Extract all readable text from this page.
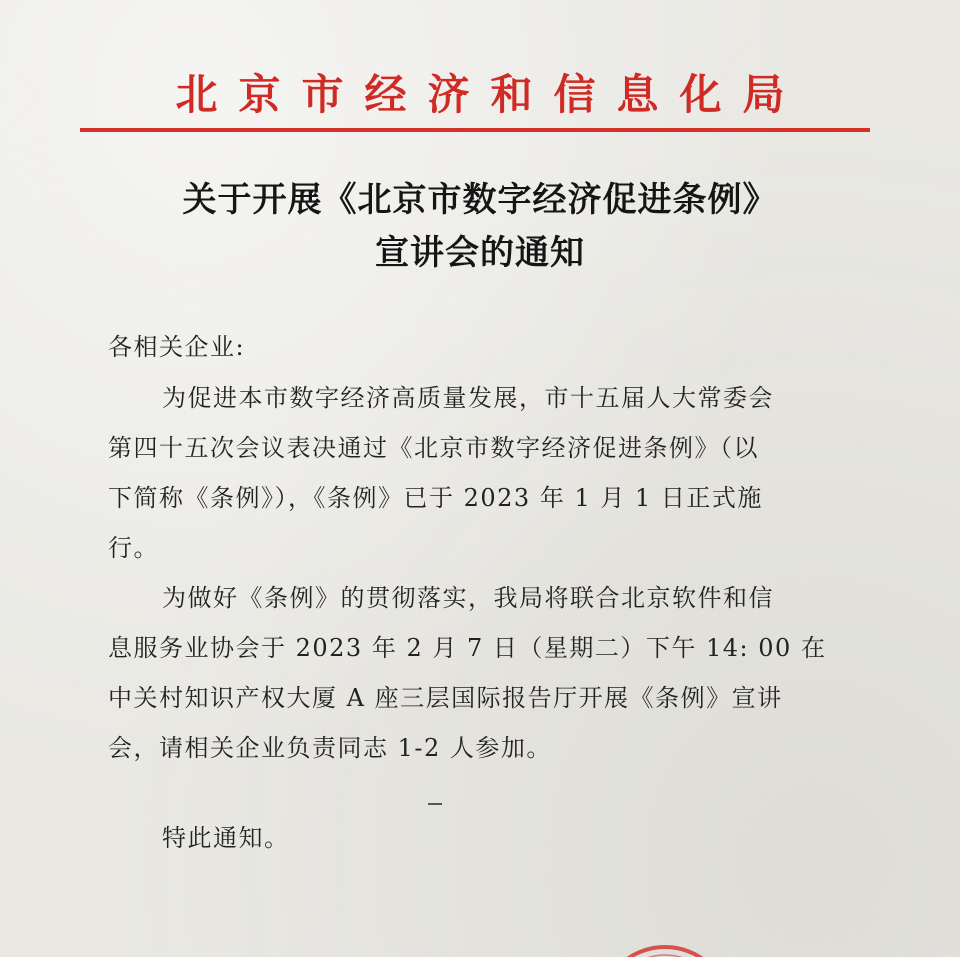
北京市经济和信息化局
关于开展《北京市数字经济促进条例》
宣讲会的通知
各相关企业:
为促进本市数字经济高质量发展，市十五届人大常委会
第四十五次会议表决通过《北京市数字经济促进条例》（以
下简称《条例》），《条例》已于 2023 年 1 月 1 日正式施
行。
为做好《条例》的贯彻落实，我局将联合北京软件和信
息服务业协会于 2023 年 2 月 7 日（星期二）下午 14: 00 在
中关村知识产权大厦 A 座三层国际报告厅开展《条例》宣讲
会，请相关企业负责同志 1-2 人参加。
特此通知。
